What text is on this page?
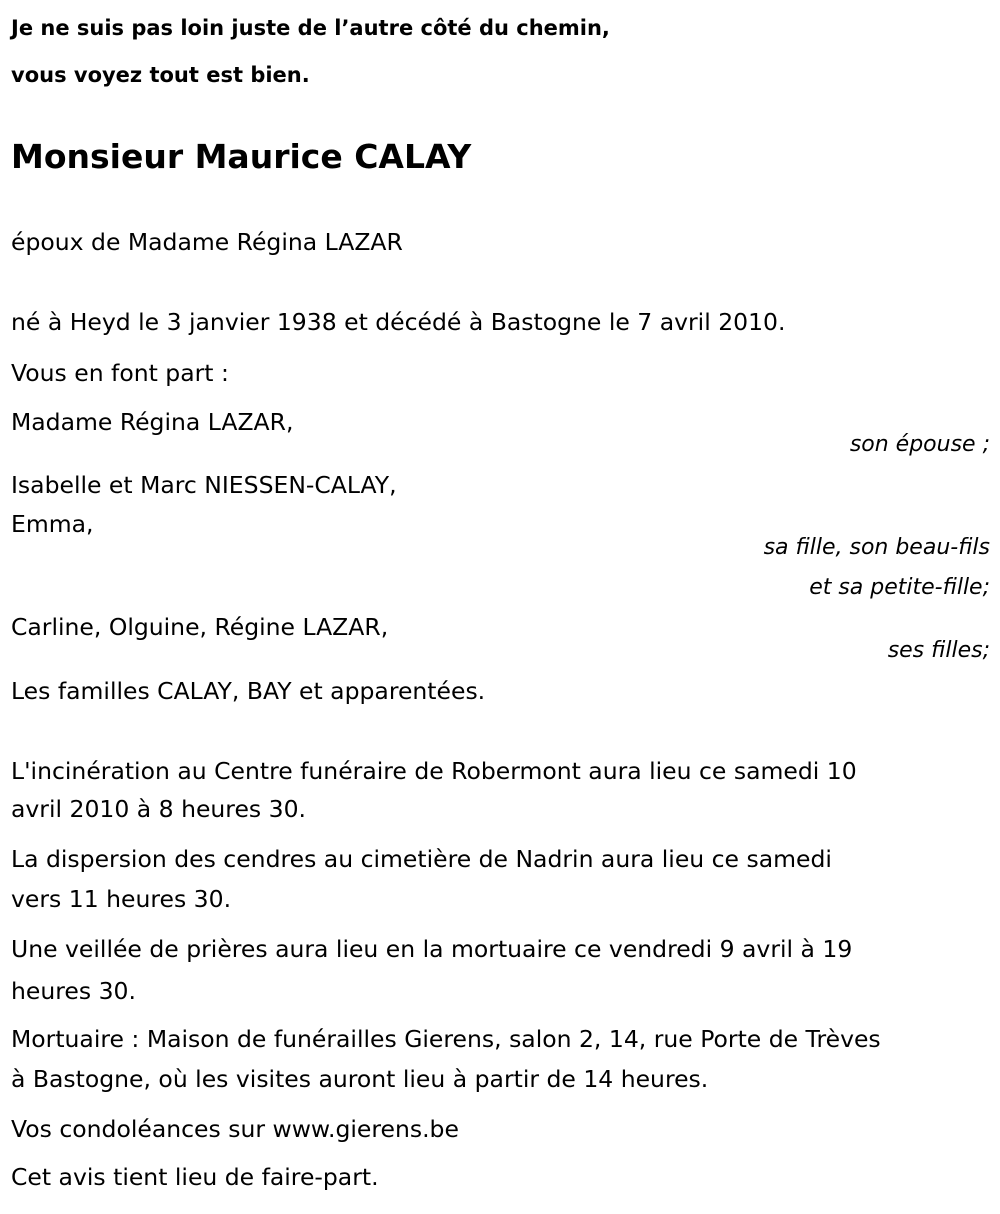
Je ne suis pas loin juste de l’autre côté du chemin,
vous voyez tout est bien.
Monsieur Maurice CALAY
époux de Madame Régina LAZAR
né à Heyd le 3 janvier 1938 et décédé à Bastogne le 7 avril 2010.
Vous en font part :
Madame Régina LAZAR,
son épouse ;
Isabelle et Marc NIESSEN-CALAY,
Emma,
sa fille, son beau-fils
et sa petite-fille;
Carline, Olguine, Régine LAZAR,
ses filles;
Les familles CALAY, BAY et apparentées.
L'incinération au Centre funéraire de Robermont aura lieu ce samedi 10
avril 2010 à 8 heures 30.
La dispersion des cendres au cimetière de Nadrin aura lieu ce samedi
vers 11 heures 30.
Une veillée de prières aura lieu en la mortuaire ce vendredi 9 avril à 19
heures 30.
Mortuaire : Maison de funérailles Gierens, salon 2, 14, rue Porte de Trèves
à Bastogne, où les visites auront lieu à partir de 14 heures.
Vos condoléances sur www.gierens.be
Cet avis tient lieu de faire-part.
